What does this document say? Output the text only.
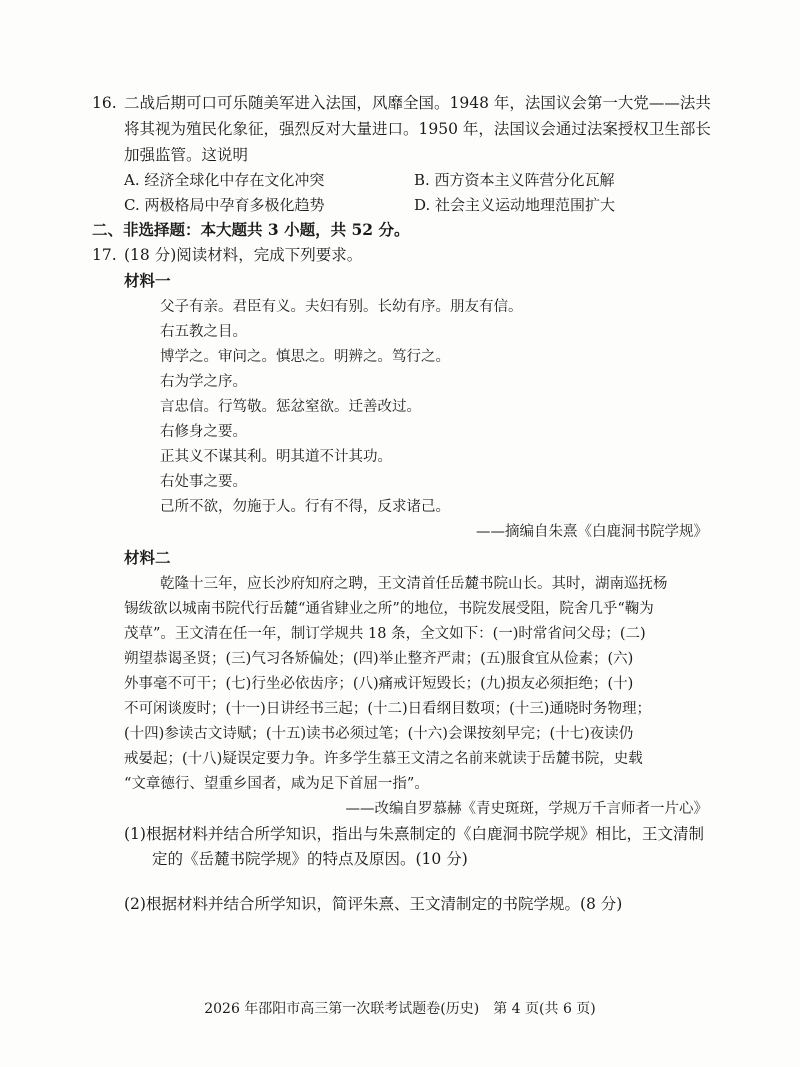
16. 二战后期可口可乐随美军进入法国，风靡全国。1948 年，法国议会第一大党——法共
将其视为殖民化象征，强烈反对大量进口。1950 年，法国议会通过法案授权卫生部长
加强监管。这说明
A. 经济全球化中存在文化冲突	B. 西方资本主义阵营分化瓦解
C. 两极格局中孕育多极化趋势	D. 社会主义运动地理范围扩大
二、非选择题：本大题共 3 小题，共 52 分。
17. (18 分)阅读材料，完成下列要求。
材料一
父子有亲。君臣有义。夫妇有别。长幼有序。朋友有信。
右五教之目。
博学之。审问之。慎思之。明辨之。笃行之。
右为学之序。
言忠信。行笃敬。惩忿窒欲。迁善改过。
右修身之要。
正其义不谋其利。明其道不计其功。
右处事之要。
己所不欲，勿施于人。行有不得，反求诸己。
——摘编自朱熹《白鹿洞书院学规》
材料二
乾隆十三年，应长沙府知府之聘，王文清首任岳麓书院山长。其时，湖南巡抚杨
锡绂欲以城南书院代行岳麓“通省肄业之所”的地位，书院发展受阻，院舍几乎“鞠为
茂草”。王文清在任一年，制订学规共 18 条，全文如下：(一)时常省问父母；(二)
朔望恭谒圣贤；(三)气习各矫偏处；(四)举止整齐严肃；(五)服食宜从俭素；(六)
外事毫不可干；(七)行坐必依齿序；(八)痛戒讦短毁长；(九)损友必须拒绝；(十)
不可闲谈废时；(十一)日讲经书三起；(十二)日看纲目数项；(十三)通晓时务物理；
(十四)参读古文诗赋；(十五)读书必须过笔；(十六)会课按刻早完；(十七)夜读仍
戒晏起；(十八)疑误定要力争。许多学生慕王文清之名前来就读于岳麓书院，史载
“文章德行、望重乡国者，咸为足下首屈一指”。
——改编自罗慕赫《青史斑斑，学规万千言师者一片心》
(1)根据材料并结合所学知识，指出与朱熹制定的《白鹿洞书院学规》相比，王文清制
定的《岳麓书院学规》的特点及原因。(10 分)
(2)根据材料并结合所学知识，简评朱熹、王文清制定的书院学规。(8 分)
2026 年邵阳市高三第一次联考试题卷(历史)　第 4 页(共 6 页)
